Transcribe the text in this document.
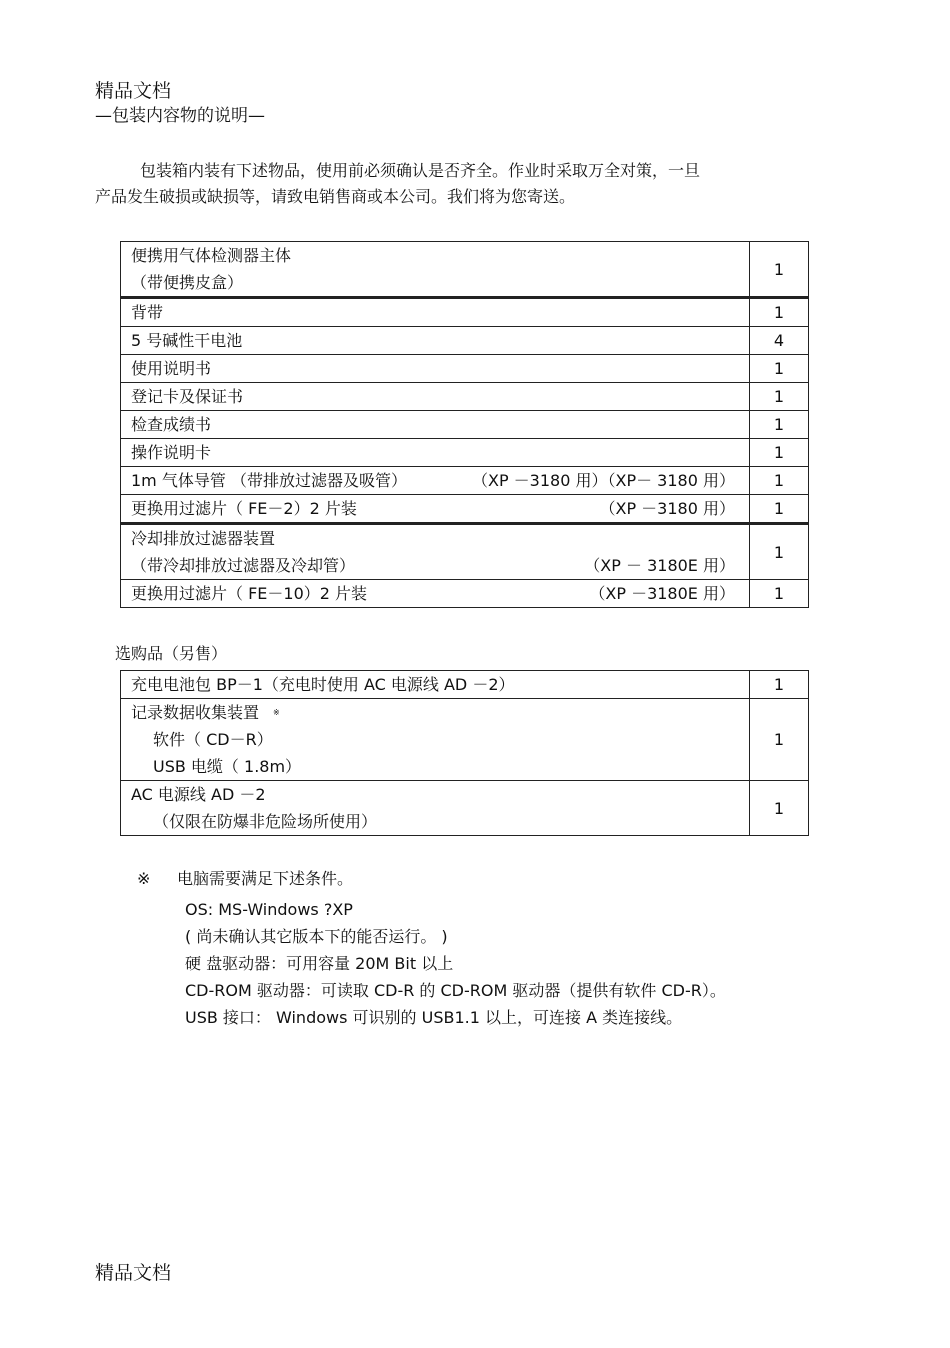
精品文档
—包装内容物的说明—
包装箱内装有下述物品，使用前必须确认是否齐全。作业时采取万全对策，一旦
产品发生破损或缺损等，请致电销售商或本公司。我们将为您寄送。
便携用气体检测器主体
（带便携皮盒）	1

背带	1

5 号碱性干电池	4

使用说明书	1

登记卡及保证书	1

检查成绩书	1

操作说明卡	1

1m 气体导管 （带排放过滤器及吸管） （XP －3180 用）（XP－ 3180 用）	1

更换用过滤片（ FE－2）2 片装 （XP －3180 用）	1

冷却排放过滤器装置
（带冷却排放过滤器及冷却管） （XP － 3180E 用）	1

更换用过滤片（ FE－10）2 片装 （XP －3180E 用）	1
选购品（另售）
充电电池包 BP－1（充电时使用 AC 电源线 AD －2）	1

记录数据收集装置 ※
软件（ CD－R）
USB 电缆（ 1.8m）	1

AC 电源线 AD －2
（仅限在防爆非危险场所使用）	1
※ 电脑需要满足下述条件。
OS: MS-Windows ?XP
( 尚未确认其它版本下的能否运行。 )
硬 盘驱动器：可用容量 20M Bit 以上
CD-ROM 驱动器：可读取 CD-R 的 CD-ROM 驱动器（提供有软件 CD-R）。
USB 接口： Windows 可识别的 USB1.1 以上，可连接 A 类连接线。
精品文档
